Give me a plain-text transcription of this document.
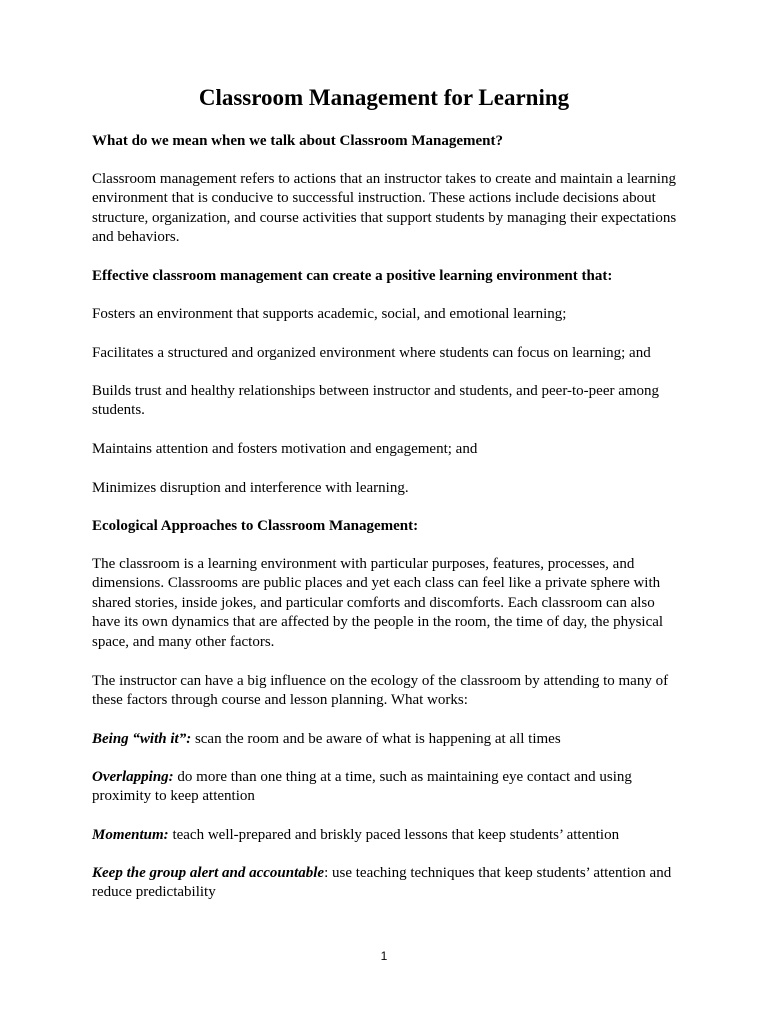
Classroom Management for Learning

What do we mean when we talk about Classroom Management?

Classroom management refers to actions that an instructor takes to create and maintain a learning environment that is conducive to successful instruction. These actions include decisions about structure, organization, and course activities that support students by managing their expectations and behaviors.

Effective classroom management can create a positive learning environment that:

Fosters an environment that supports academic, social, and emotional learning;

Facilitates a structured and organized environment where students can focus on learning; and

Builds trust and healthy relationships between instructor and students, and peer-to-peer among students.

Maintains attention and fosters motivation and engagement; and

Minimizes disruption and interference with learning.

Ecological Approaches to Classroom Management:

The classroom is a learning environment with particular purposes, features, processes, and dimensions. Classrooms are public places and yet each class can feel like a private sphere with shared stories, inside jokes, and particular comforts and discomforts. Each classroom can also have its own dynamics that are affected by the people in the room, the time of day, the physical space, and many other factors.

The instructor can have a big influence on the ecology of the classroom by attending to many of these factors through course and lesson planning. What works:

Being “with it”: scan the room and be aware of what is happening at all times

Overlapping: do more than one thing at a time, such as maintaining eye contact and using proximity to keep attention

Momentum: teach well-prepared and briskly paced lessons that keep students’ attention

Keep the group alert and accountable: use teaching techniques that keep students’ attention and reduce predictability

1
